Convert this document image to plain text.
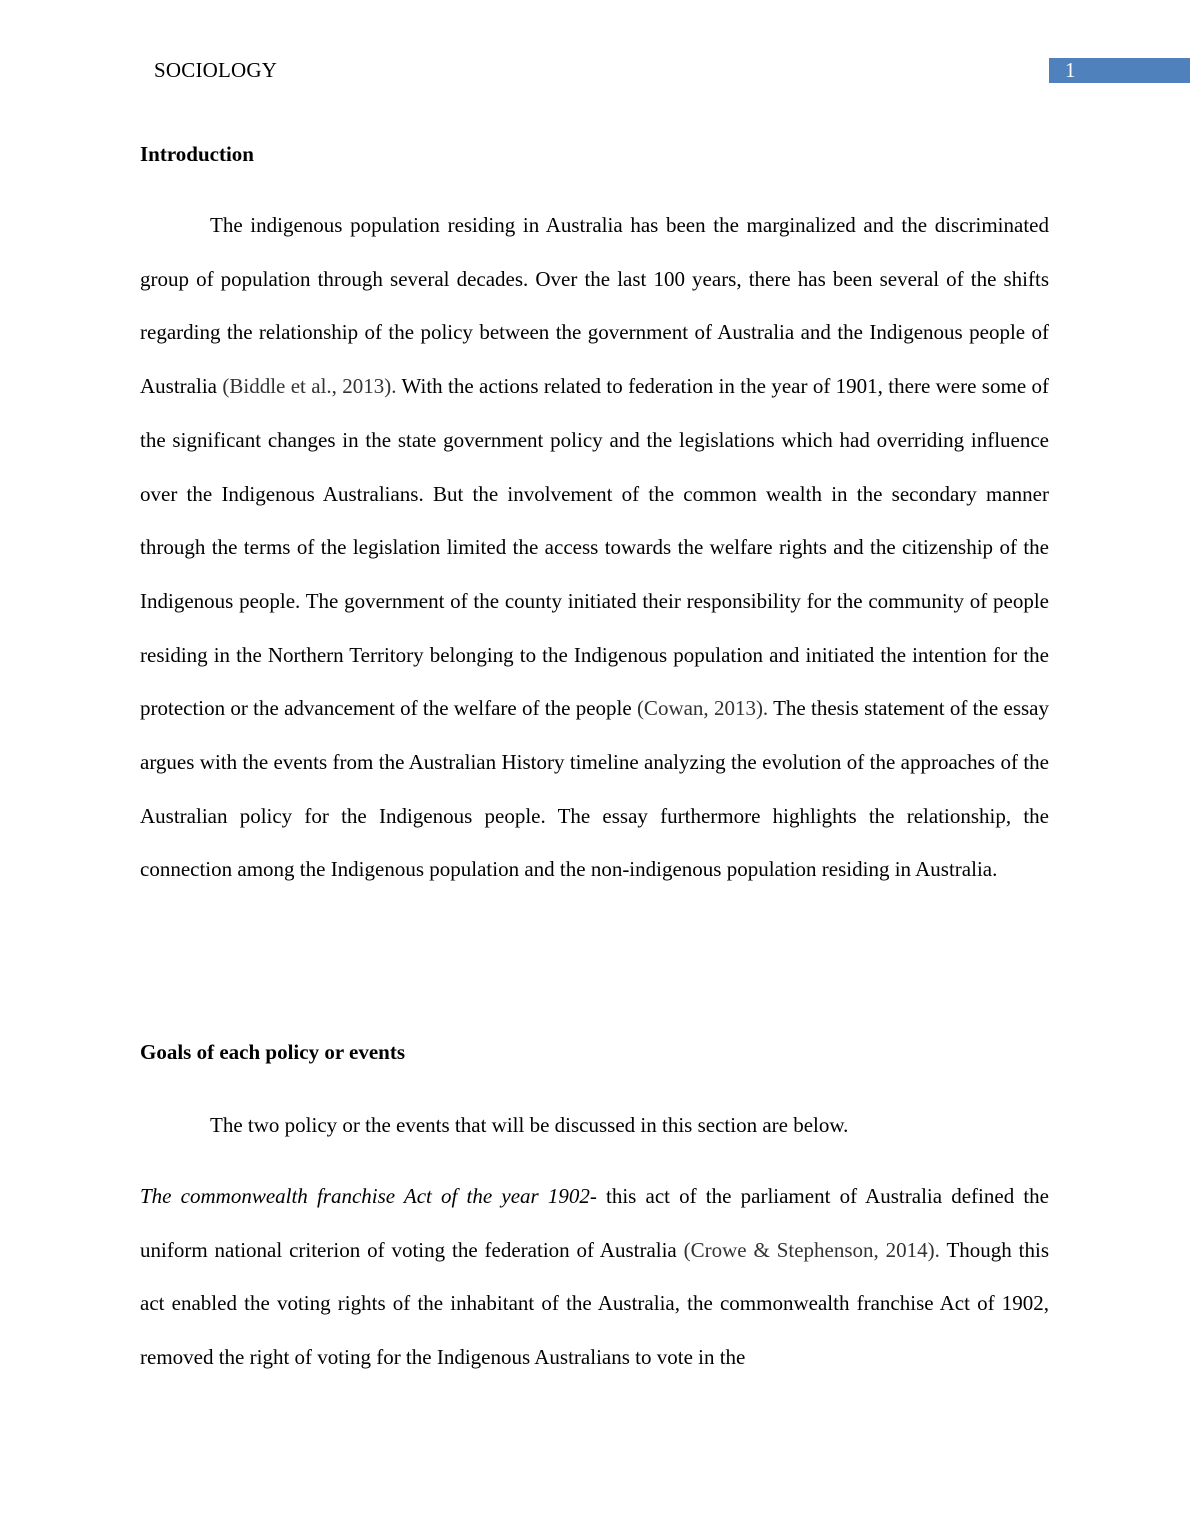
SOCIOLOGY	1
Introduction

The indigenous population residing in Australia has been the marginalized and the discriminated group of population through several decades. Over the last 100 years, there has been several of the shifts regarding the relationship of the policy between the government of Australia and the Indigenous people of Australia (Biddle et al., 2013). With the actions related to federation in the year of 1901, there were some of the significant changes in the state government policy and the legislations which had overriding influence over the Indigenous Australians. But the involvement of the common wealth in the secondary manner through the terms of the legislation limited the access towards the welfare rights and the citizenship of the Indigenous people. The government of the county initiated their responsibility for the community of people residing in the Northern Territory belonging to the Indigenous population and initiated the intention for the protection or the advancement of the welfare of the people (Cowan, 2013). The thesis statement of the essay argues with the events from the Australian History timeline analyzing the evolution of the approaches of the Australian policy for the Indigenous people. The essay furthermore highlights the relationship, the connection among the Indigenous population and the non-indigenous population residing in Australia.

Goals of each policy or events
The two policy or the events that will be discussed in this section are below.

The commonwealth franchise Act of the year 1902- this act of the parliament of Australia defined the uniform national criterion of voting the federation of Australia (Crowe & Stephenson, 2014). Though this act enabled the voting rights of the inhabitant of the Australia, the commonwealth franchise Act of 1902, removed the right of voting for the Indigenous Australians to vote in the
